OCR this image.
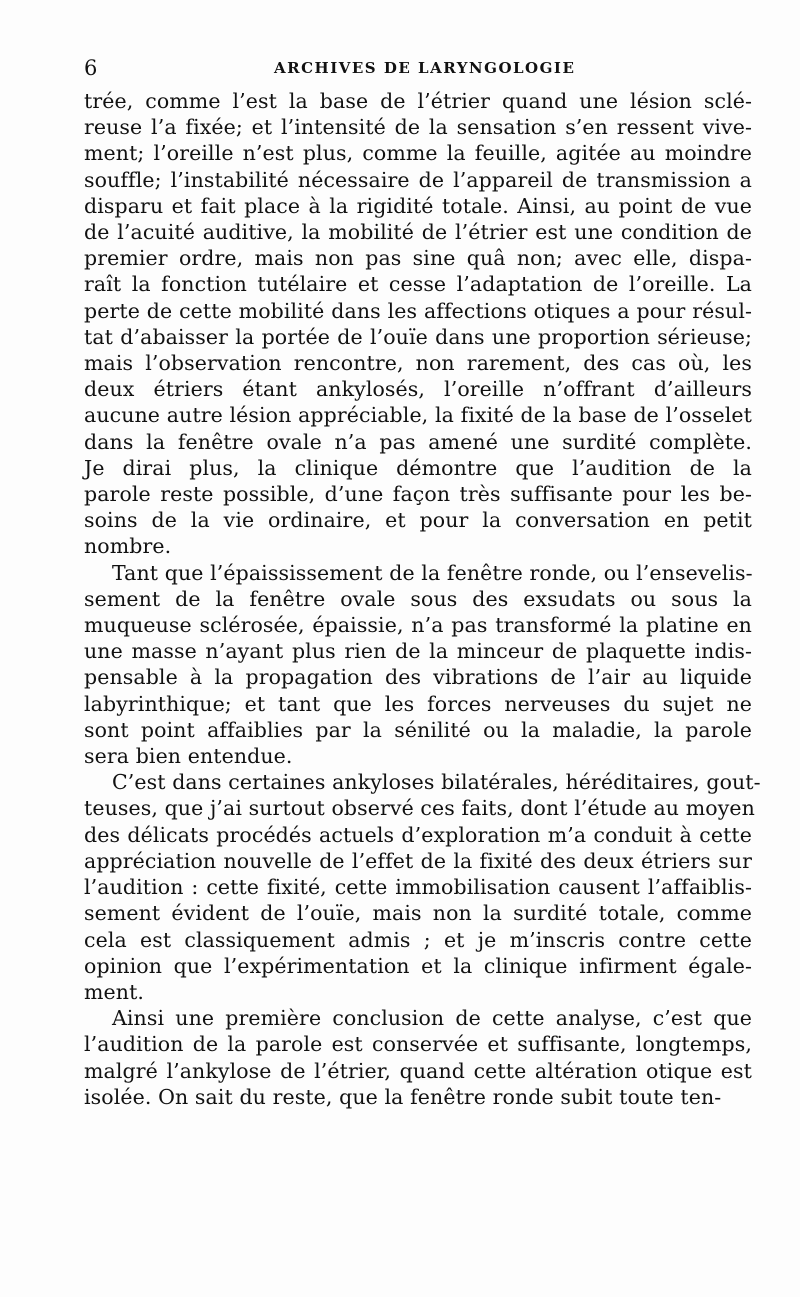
6	ARCHIVES DE LARYNGOLOGIE
trée, comme l’est la base de l’étrier quand une lésion sclé-
reuse l’a fixée; et l’intensité de la sensation s’en ressent vive-
ment; l’oreille n’est plus, comme la feuille, agitée au moindre
souffle; l’instabilité nécessaire de l’appareil de transmission a
disparu et fait place à la rigidité totale. Ainsi, au point de vue
de l’acuité auditive, la mobilité de l’étrier est une condition de
premier ordre, mais non pas sine quâ non; avec elle, dispa-
raît la fonction tutélaire et cesse l’adaptation de l’oreille. La
perte de cette mobilité dans les affections otiques a pour résul-
tat d’abaisser la portée de l’ouïe dans une proportion sérieuse;
mais l’observation rencontre, non rarement, des cas où, les
deux étriers étant ankylosés, l’oreille n’offrant d’ailleurs
aucune autre lésion appréciable, la fixité de la base de l’osselet
dans la fenêtre ovale n’a pas amené une surdité complète.
Je dirai plus, la clinique démontre que l’audition de la
parole reste possible, d’une façon très suffisante pour les be-
soins de la vie ordinaire, et pour la conversation en petit
nombre.
Tant que l’épaississement de la fenêtre ronde, ou l’ensevelis-
sement de la fenêtre ovale sous des exsudats ou sous la
muqueuse sclérosée, épaissie, n’a pas transformé la platine en
une masse n’ayant plus rien de la minceur de plaquette indis-
pensable à la propagation des vibrations de l’air au liquide
labyrinthique; et tant que les forces nerveuses du sujet ne
sont point affaiblies par la sénilité ou la maladie, la parole
sera bien entendue.
C’est dans certaines ankyloses bilatérales, héréditaires, gout-
teuses, que j’ai surtout observé ces faits, dont l’étude au moyen
des délicats procédés actuels d’exploration m’a conduit à cette
appréciation nouvelle de l’effet de la fixité des deux étriers sur
l’audition : cette fixité, cette immobilisation causent l’affaiblis-
sement évident de l’ouïe, mais non la surdité totale, comme
cela est classiquement admis ; et je m’inscris contre cette
opinion que l’expérimentation et la clinique infirment égale-
ment.
Ainsi une première conclusion de cette analyse, c’est que
l’audition de la parole est conservée et suffisante, longtemps,
malgré l’ankylose de l’étrier, quand cette altération otique est
isolée. On sait du reste, que la fenêtre ronde subit toute ten-
